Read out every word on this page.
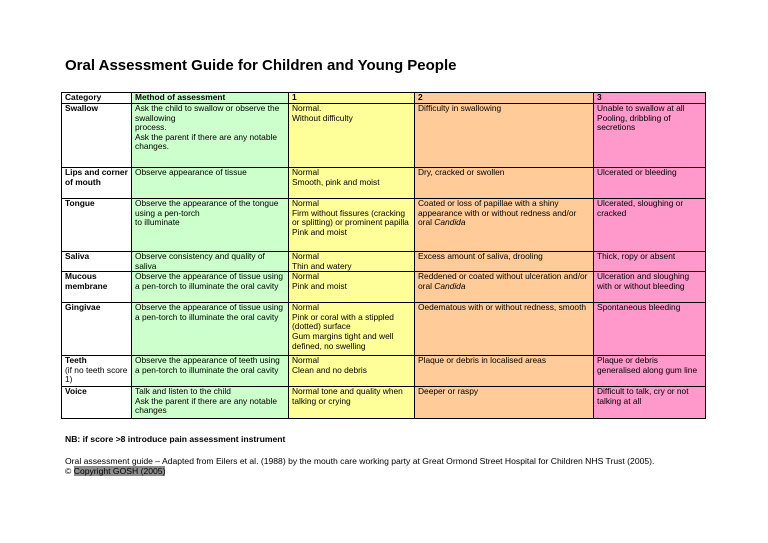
Oral Assessment Guide for Children and Young People
Category	Method of assessment	1	2	3
Swallow	Ask the child to swallow or observe the swallowing
process.
Ask the parent if there are any notable
changes.	Normal.
Without difficulty	Difficulty in swallowing	Unable to swallow at all
Pooling, dribbling of secretions

Lips and corner of mouth	Observe appearance of tissue	Normal
Smooth, pink and moist	Dry, cracked or swollen	Ulcerated or bleeding

Tongue	Observe the appearance of the tongue using a pen-torch
to illuminate	Normal
Firm without fissures (cracking or splitting) or prominent papilla
Pink and moist	Coated or loss of papillae with a shiny appearance with or without redness and/or oral Candida	Ulcerated, sloughing or cracked

Saliva	Observe consistency and quality of saliva	Normal
Thin and watery	Excess amount of saliva, drooling	Thick, ropy or absent

Mucous membrane	Observe the appearance of tissue using a pen-torch to illuminate the oral cavity	Normal
Pink and moist	Reddened or coated without ulceration and/or oral Candida	Ulceration and sloughing with or without bleeding

Gingivae	Observe the appearance of tissue using a pen-torch to illuminate the oral cavity	Normal
Pink or coral with a stippled (dotted) surface
Gum margins tight and well defined, no swelling	Oedematous with or without redness, smooth	Spontaneous bleeding

Teeth
(if no teeth score 1)	Observe the appearance of teeth using a pen-torch to illuminate the oral cavity	Normal
Clean and no debris	Plaque or debris in localised areas	Plaque or debris generalised along gum line

Voice	Talk and listen to the child
Ask the parent if there are any notable changes	Normal tone and quality when talking or crying	Deeper or raspy	Difficult to talk, cry or not talking at all

NB: if score >8 introduce pain assessment instrument

Oral assessment guide – Adapted from Eilers et al. (1988) by the mouth care working party at Great Ormond Street Hospital for Children NHS Trust (2005).

© Copyright GOSH (2005)
